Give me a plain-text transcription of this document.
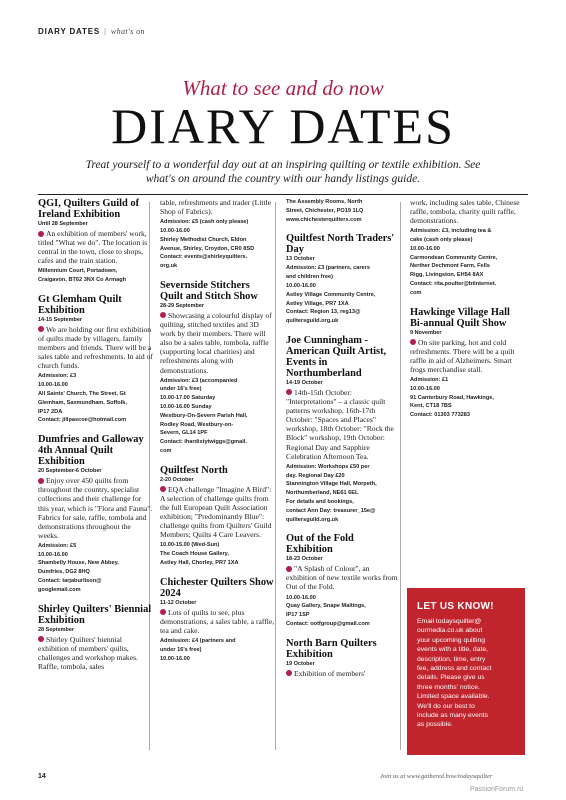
DIARY DATES | what's on
What to see and do now
DIARY DATES
Treat yourself to a wonderful day out at an inspiring quilting or textile exhibition. See what's on around the country with our handy listings guide.
QGI, Quilters Guild of Ireland Exhibition
Until 28 September
An exhibition of members' work, titled "What we do". The location is central in the town, close to shops, cafes and the train station.
Millennium Court, Portadown,
Craigavon, BT62 3NX Co Armagh
Gt Glemham Quilt Exhibition
14-15 September
We are holding our first exhibition of quilts made by villagers, family members and friends. There will be a sales table and refreshments. In aid of church funds.
Admission: £3
10.00-16.00
All Saints' Church, The Street, Gt
Glemham, Saxmundham, Suffolk,
IP17 2DA
Contact: jillpascoe@hotmail.com
Dumfries and Galloway 4th Annual Quilt Exhibition
20 September-6 October
Enjoy over 450 quilts from throughout the country, specialist collections and their challenge for this year, which is "Flora and Fauna". Fabrics for sale, raffle, tombola and demonstrations throughout the weeks.
Admission: £5
10.00-16.00
Shambelly House, New Abbey,
Dumfries, DG2 8HQ
Contact: tarjaburlison@
googlemail.com
Shirley Quilters' Biennial Exhibition
28 September
Shirley Quilters' biennial exhibition of members' quilts, challenges and workshop makes. Raffle, tombola, sales
table, refreshments and trader (Little Shop of Fabrics).
Admission: £5 (cash only please)
10.00-16.00
Shirley Methodist Church, Eldon
Avenue, Shirley, Croydon, CR0 8SD
Contact: events@shirleyquilters.
org.uk
Severnside Stitchers Quilt and Stitch Show
28-29 September
Showcasing a colourful display of quilting, stitched textiles and 3D work by their members. There will also be a sales table, tombola, raffle (supporting local charities) and refreshments along with demonstrations.
Admission: £3 (accompanied
under 16's free)
10.00-17.00 Saturday
10.00-16.00 Sunday
Westbury-On-Severn Parish Hall,
Rodley Road, Westbury-on-
Severn, GL14 1PF
Contact: ihardistytwiggs@gmail.
com
Quiltfest North
2-20 October
EQA challenge "Imagine A Bird": A selection of challenge quilts from the full European Quilt Association exhibition; "Predominantly Blue": challenge quilts from Quilters' Guild Members; Quilts 4 Care Leavers.
10.00-15.00 (Wed-Sun)
The Coach House Gallery,
Astley Hall, Chorley, PR7 1XA
Chichester Quilters Show 2024
11-12 October
Lots of quilts to see, plus demonstrations, a sales table, a raffle, tea and cake.
Admission: £4 (partners and
under 16's free)
10.00-16.00
The Assembly Rooms, North
Street, Chichester, PO19 1LQ
www.chichesterquilters.com
Quiltfest North Traders' Day
13 October
Admission: £3 (partners, carers
and children free)
10.00-16.00
Astley Village Community Centre,
Astley Village, PR7 1XA
Contact: Region 13, reg13@
quiltersguild.org.uk
Joe Cunningham - American Quilt Artist, Events in Northumberland
14-19 October
14th-15th October: "Interpretations" – a classic quilt patterns workshop, 16th-17th October: "Spaces and Places" workshop, 18th October: "Rock the Block" workshop, 19th October: Regional Day and Sapphire Celebration Afternoon Tea.
Admission: Workshops £50 per
day. Regional Day £20
Stannington Village Hall, Morpeth,
Northumberland, NE61 6EL
For details and bookings,
contact Ann Day: treasurer_15e@
quiltersguild.org.uk
Out of the Fold Exhibition
18-23 October
"A Splash of Colour", an exhibition of new textile works from Out of the Fold.
10.00-16.00
Quay Gallery, Snape Maltings,
IP17 1SP
Contact: ootfgroup@gmail.com
North Barn Quilters Exhibition
19 October
Exhibition of members'
work, including sales table, Chinese raffle, tombola, charity quilt raffle, demonstrations.
Admission: £3, including tea &
cake (cash only please)
10.00-16.00
Carmondean Community Centre,
Nerther Dechmont Farm, Fells
Rigg, Livingston, EH54 8AX
Contact: rita.poulter@btinternet.
com
Hawkinge Village Hall Bi-annual Quilt Show
9 November
On site parking, hot and cold refreshments. There will be a quilt raffle in aid of Alzheimers. Smart frogs merchandise stall.
Admission: £1
10.00-16.00
91 Canterbury Road, Hawkinge,
Kent, CT18 7BS
Contact: 01303 773283
LET US KNOW!
Email todaysquilter@
ourmedia.co.uk about
your upcoming quilting
events with a title, date,
description, time, entry
fee, address and contact
details. Please give us
three months' notice.
Limited space available.
We'll do our best to
include as many events
as possible.
14	Join us at www.gathered.how/todaysquilter
PassionForum.ru
